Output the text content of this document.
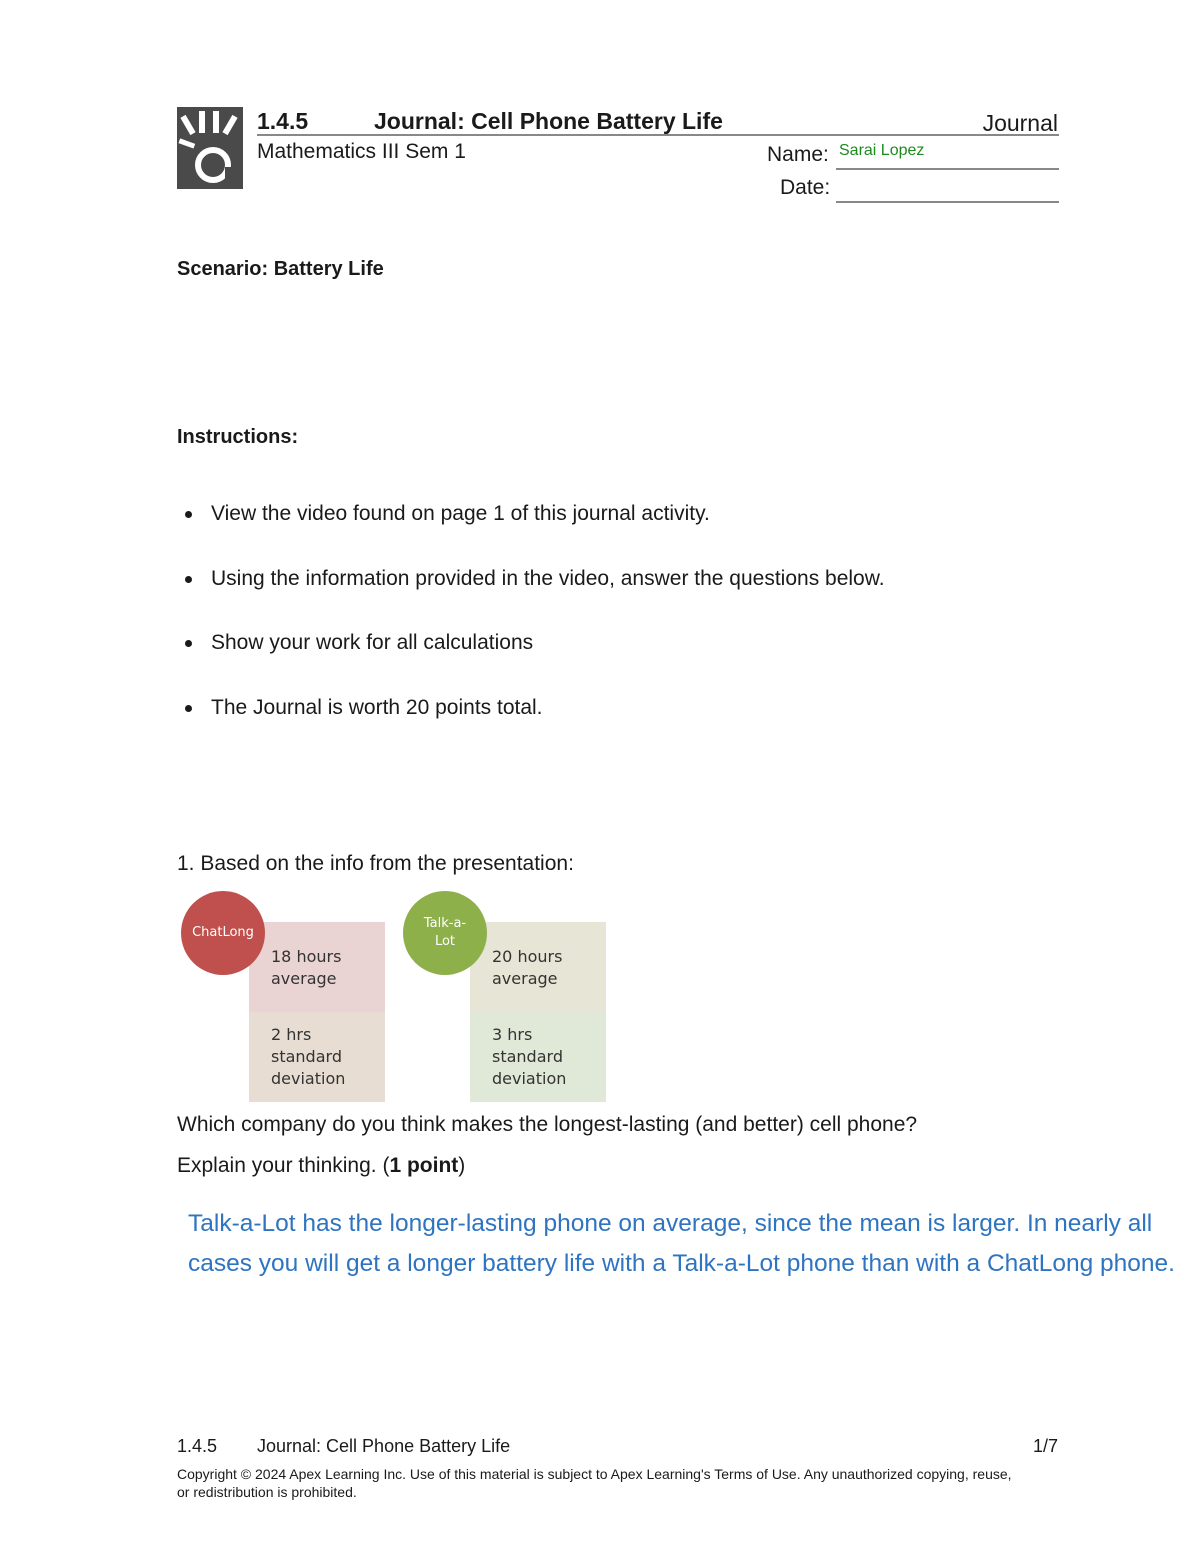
1.4.5	Journal: Cell Phone Battery Life	Journal
Mathematics III Sem 1	Name: Sarai Lopez
Date:
Scenario: Battery Life
Instructions:
View the video found on page 1 of this journal activity.
Using the information provided in the video, answer the questions below.
Show your work for all calculations
The Journal is worth 20 points total.
1. Based on the info from the presentation:
18 hours average
2 hrs standard deviation
ChatLong
20 hours average
3 hrs standard deviation
Talk-a-Lot
Which company do you think makes the longest-lasting (and better) cell phone?
Explain your thinking. (1 point)
Talk-a-Lot has the longer-lasting phone on average, since the mean is larger. In nearly all cases you will get a longer battery life with a Talk-a-Lot phone than with a ChatLong phone.
1.4.5 Journal: Cell Phone Battery Life	1/7
Copyright © 2024 Apex Learning Inc. Use of this material is subject to Apex Learning's Terms of Use. Any unauthorized copying, reuse, or redistribution is prohibited.
